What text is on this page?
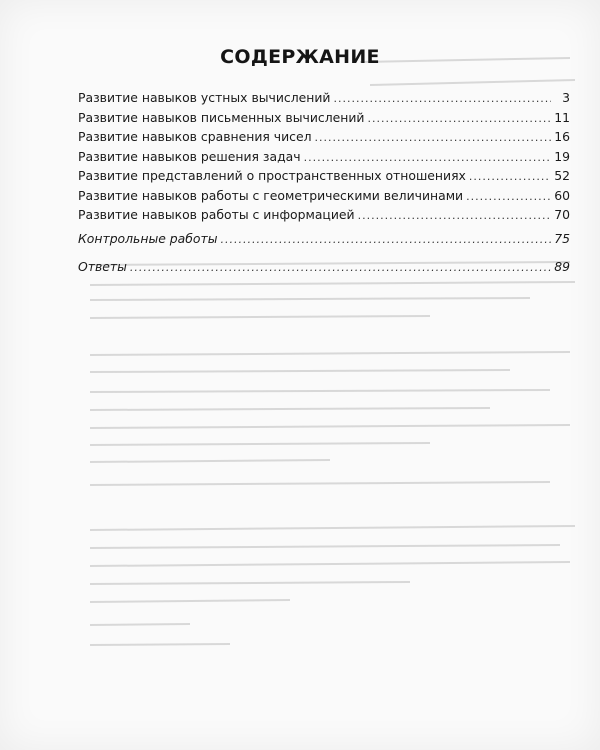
СОДЕРЖАНИЕ
Развитие навыков устных вычислений .....	3
Развитие навыков письменных вычислений .....	11
Развитие навыков сравнения чисел .....	16
Развитие навыков решения задач .....	19
Развитие представлений о пространственных отношениях .....	52
Развитие навыков работы с геометрическими величинами .....	60
Развитие навыков работы с информацией .....	70
Контрольные работы .....	75
Ответы .....	89
